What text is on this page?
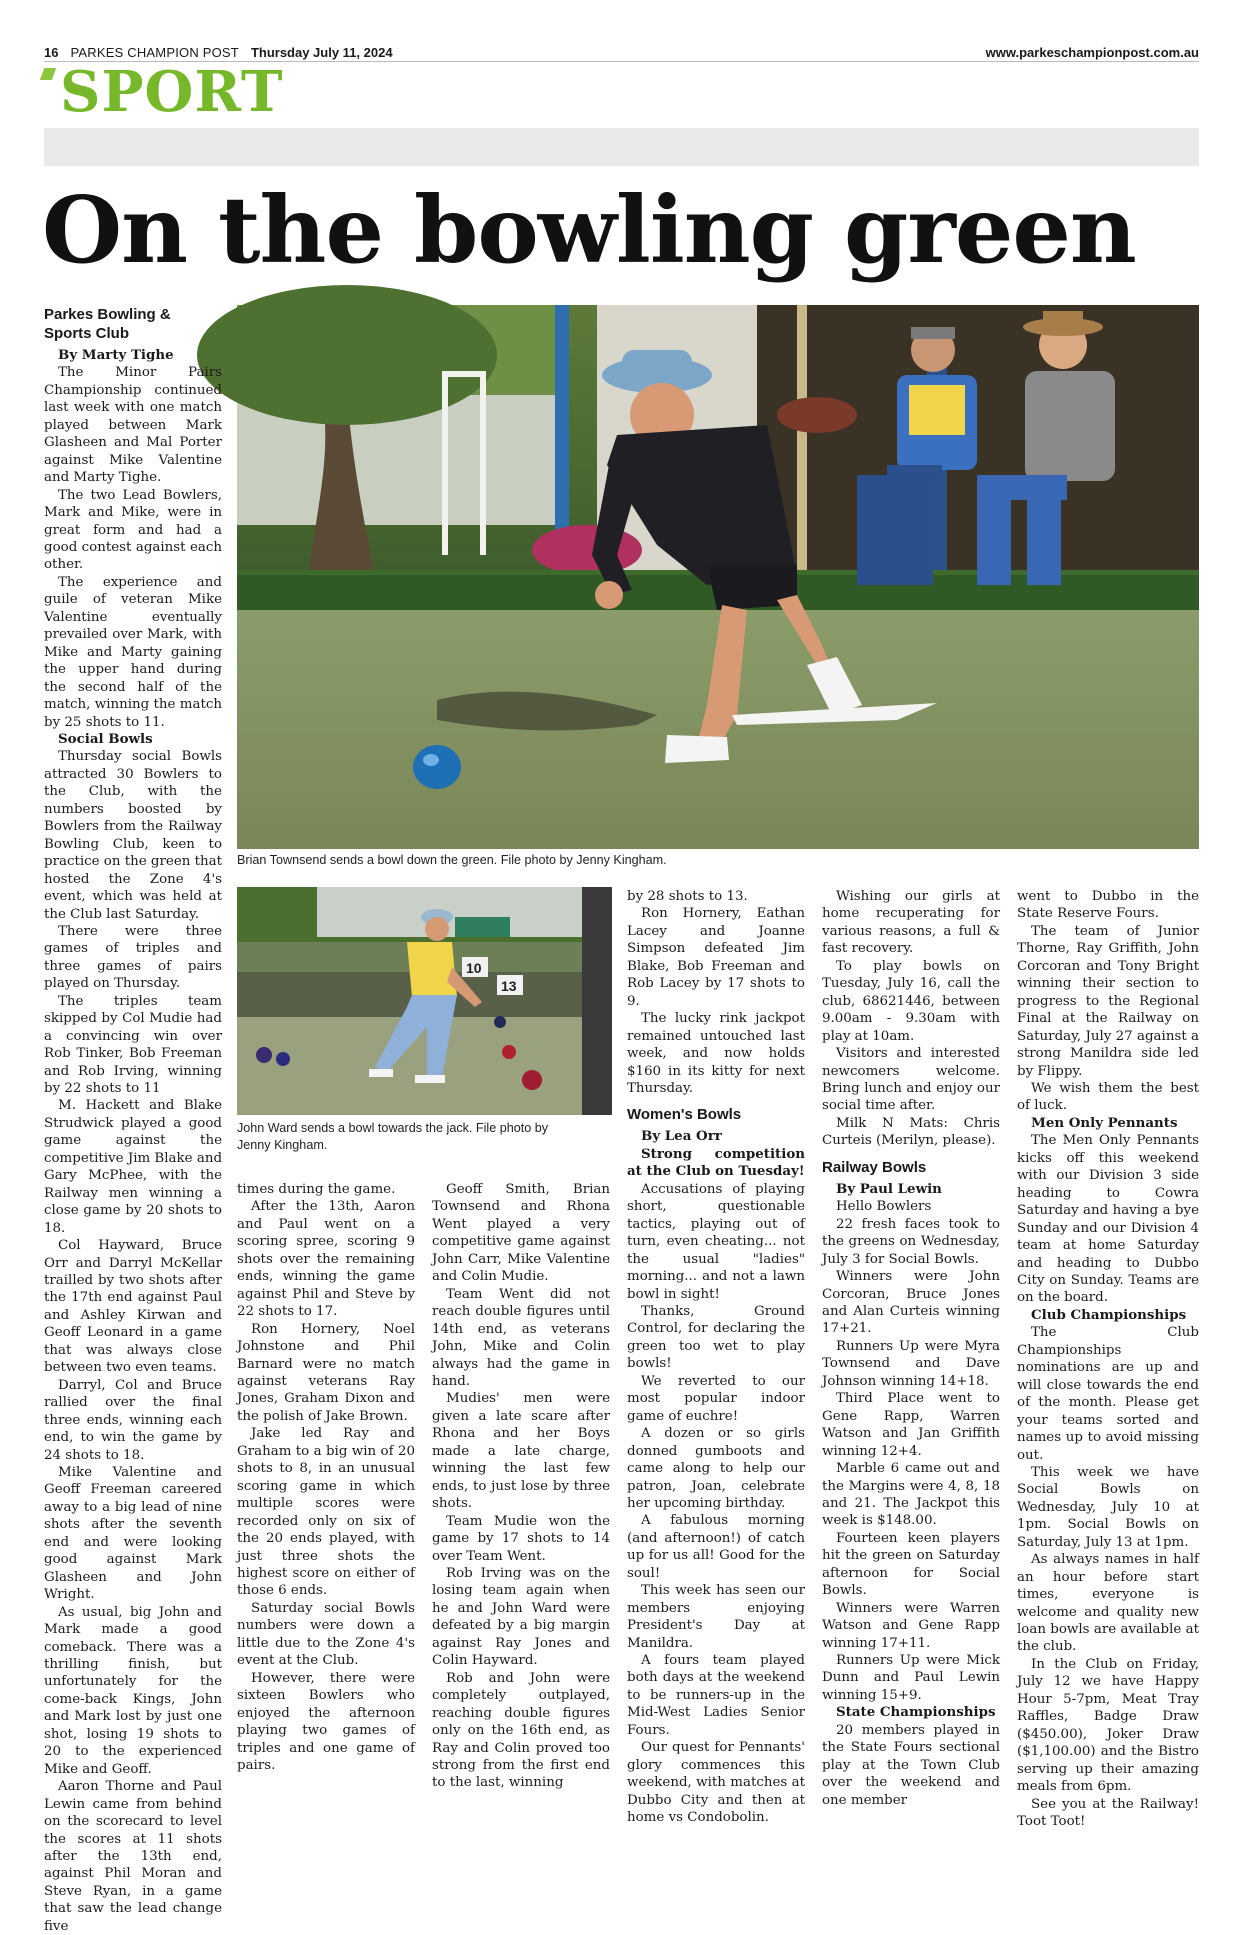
16 PARKES CHAMPION POST Thursday July 11, 2024	www.parkeschampionpost.com.au
SPORT
On the bowling green
Brian Townsend sends a bowl down the green. File photo by Jenny Kingham.
10
13
John Ward sends a bowl towards the jack. File photo by
Jenny Kingham.
Parkes Bowling &
Sports Club

By Marty Tighe

The Minor Pairs Championship continued last week with one match played between Mark Glasheen and Mal Porter against Mike Valentine and Marty Tighe.

The two Lead Bowlers, Mark and Mike, were in great form and had a good contest against each other.

The experience and guile of veteran Mike Valentine eventually prevailed over Mark, with Mike and Marty gaining the upper hand during the second half of the match, winning the match by 25 shots to 11.

Social Bowls

Thursday social Bowls attracted 30 Bowlers to the Club, with the numbers boosted by Bowlers from the Railway Bowling Club, keen to practice on the green that hosted the Zone 4's event, which was held at the Club last Saturday.

There were three games of triples and three games of pairs played on Thursday.

The triples team skipped by Col Mudie had a convincing win over Rob Tinker, Bob Freeman and Rob Irving, winning by 22 shots to 11

M. Hackett and Blake Strudwick played a good game against the competitive Jim Blake and Gary McPhee, with the Railway men winning a close game by 20 shots to 18.

Col Hayward, Bruce Orr and Darryl McKellar trailled by two shots after the 17th end against Paul and Ashley Kirwan and Geoff Leonard in a game that was always close between two even teams.

Darryl, Col and Bruce rallied over the final three ends, winning each end, to win the game by 24 shots to 18.

Mike Valentine and Geoff Freeman careered away to a big lead of nine shots after the seventh end and were looking good against Mark Glasheen and John Wright.

As usual, big John and Mark made a good comeback. There was a thrilling finish, but unfortunately for the come-back Kings, John and Mark lost by just one shot, losing 19 shots to 20 to the experienced Mike and Geoff.

Aaron Thorne and Paul Lewin came from behind on the scorecard to level the scores at 11 shots after the 13th end, against Phil Moran and Steve Ryan, in a game that saw the lead change five

times during the game.

After the 13th, Aaron and Paul went on a scoring spree, scoring 9 shots over the remaining ends, winning the game against Phil and Steve by 22 shots to 17.

Ron Hornery, Noel Johnstone and Phil Barnard were no match against veterans Ray Jones, Graham Dixon and the polish of Jake Brown.

Jake led Ray and Graham to a big win of 20 shots to 8, in an unusual scoring game in which multiple scores were recorded only on six of the 20 ends played, with just three shots the highest score on either of those 6 ends.

Saturday social Bowls numbers were down a little due to the Zone 4's event at the Club.

However, there were sixteen Bowlers who enjoyed the afternoon playing two games of triples and one game of pairs.

Geoff Smith, Brian Townsend and Rhona Went played a very competitive game against John Carr, Mike Valentine and Colin Mudie.

Team Went did not reach double figures until 14th end, as veterans John, Mike and Colin always had the game in hand.

Mudies' men were given a late scare after Rhona and her Boys made a late charge, winning the last few ends, to just lose by three shots.

Team Mudie won the game by 17 shots to 14 over Team Went.

Rob Irving was on the losing team again when he and John Ward were defeated by a big margin against Ray Jones and Colin Hayward.

Rob and John were completely outplayed, reaching double figures only on the 16th end, as Ray and Colin proved too strong from the first end to the last, winning

by 28 shots to 13.

Ron Hornery, Eathan Lacey and Joanne Simpson defeated Jim Blake, Bob Freeman and Rob Lacey by 17 shots to 9.

The lucky rink jackpot remained untouched last week, and now holds $160 in its kitty for next Thursday.

Women's Bowls

By Lea Orr

Strong competition at the Club on Tuesday!

Accusations of playing short, questionable tactics, playing out of turn, even cheating... not the usual "ladies" morning... and not a lawn bowl in sight!

Thanks, Ground Control, for declaring the green too wet to play bowls!

We reverted to our most popular indoor game of euchre!

A dozen or so girls donned gumboots and came along to help our patron, Joan, celebrate her upcoming birthday.

A fabulous morning (and afternoon!) of catch up for us all! Good for the soul!

This week has seen our members enjoying President's Day at Manildra.

A fours team played both days at the weekend to be runners-up in the Mid-West Ladies Senior Fours.

Our quest for Pennants' glory commences this weekend, with matches at Dubbo City and then at home vs Condobolin.

Wishing our girls at home recuperating for various reasons, a full & fast recovery.

To play bowls on Tuesday, July 16, call the club, 68621446, between 9.00am - 9.30am with play at 10am.

Visitors and interested newcomers welcome. Bring lunch and enjoy our social time after.

Milk N Mats: Chris Curteis (Merilyn, please).

Railway Bowls

By Paul Lewin

Hello Bowlers

22 fresh faces took to the greens on Wednesday, July 3 for Social Bowls.

Winners were John Corcoran, Bruce Jones and Alan Curteis winning 17+21.

Runners Up were Myra Townsend and Dave Johnson winning 14+18.

Third Place went to Gene Rapp, Warren Watson and Jan Griffith winning 12+4.

Marble 6 came out and the Margins were 4, 8, 18 and 21. The Jackpot this week is $148.00.

Fourteen keen players hit the green on Saturday afternoon for Social Bowls.

Winners were Warren Watson and Gene Rapp winning 17+11.

Runners Up were Mick Dunn and Paul Lewin winning 15+9.

State Championships

20 members played in the State Fours sectional play at the Town Club over the weekend and one member

went to Dubbo in the State Reserve Fours.

The team of Junior Thorne, Ray Griffith, John Corcoran and Tony Bright winning their section to progress to the Regional Final at the Railway on Saturday, July 27 against a strong Manildra side led by Flippy.

We wish them the best of luck.

Men Only Pennants

The Men Only Pennants kicks off this weekend with our Division 3 side heading to Cowra Saturday and having a bye Sunday and our Division 4 team at home Saturday and heading to Dubbo City on Sunday. Teams are on the board.

Club Championships

The Club Championships nominations are up and will close towards the end of the month. Please get your teams sorted and names up to avoid missing out.

This week we have Social Bowls on Wednesday, July 10 at 1pm. Social Bowls on Saturday, July 13 at 1pm.

As always names in half an hour before start times, everyone is welcome and quality new loan bowls are available at the club.

In the Club on Friday, July 12 we have Happy Hour 5-7pm, Meat Tray Raffles, Badge Draw ($450.00), Joker Draw ($1,100.00) and the Bistro serving up their amazing meals from 6pm.

See you at the Railway! Toot Toot!
